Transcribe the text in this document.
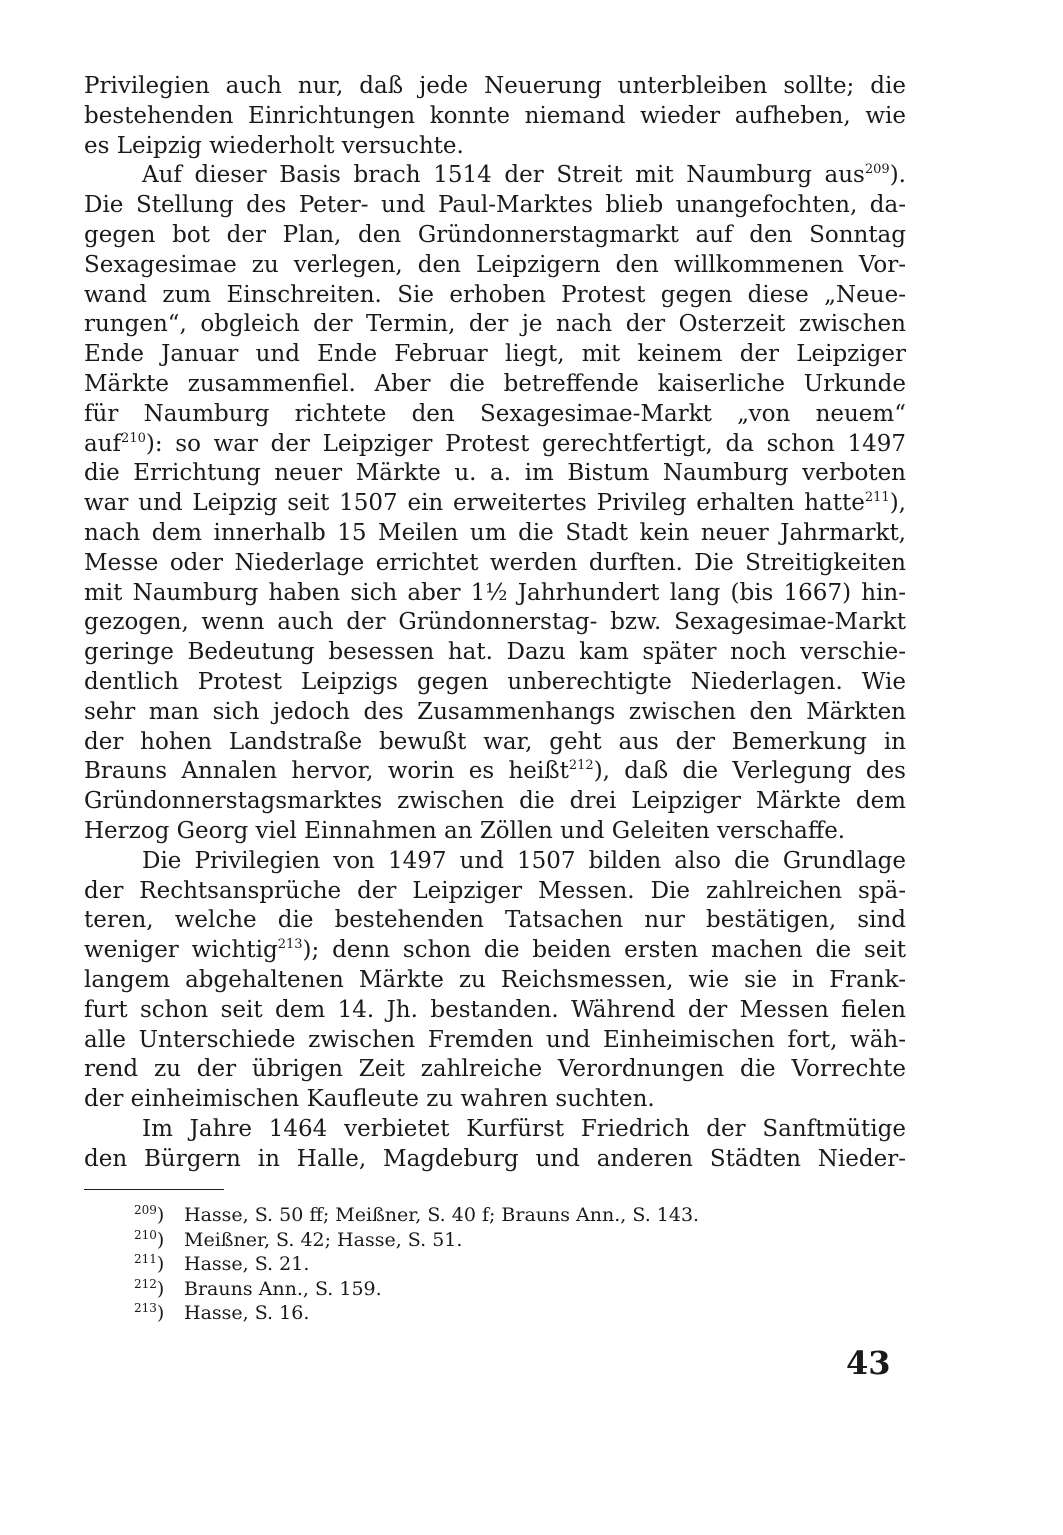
Privilegien auch nur, daß jede Neuerung unterbleiben sollte; die
bestehenden Einrichtungen konnte niemand wieder aufheben, wie
es Leipzig wiederholt versuchte.
Auf dieser Basis brach 1514 der Streit mit Naumburg aus$^{209}$).
Die Stellung des Peter- und Paul-Marktes blieb unangefochten, da-
gegen bot der Plan, den Gründonnerstagmarkt auf den Sonntag
Sexagesimae zu verlegen, den Leipzigern den willkommenen Vor-
wand zum Einschreiten. Sie erhoben Protest gegen diese „Neue-
rungen“, obgleich der Termin, der je nach der Osterzeit zwischen
Ende Januar und Ende Februar liegt, mit keinem der Leipziger
Märkte zusammenfiel. Aber die betreffende kaiserliche Urkunde
für Naumburg richtete den Sexagesimae-Markt „von neuem“
auf$^{210}$): so war der Leipziger Protest gerechtfertigt, da schon 1497
die Errichtung neuer Märkte u. a. im Bistum Naumburg verboten
war und Leipzig seit 1507 ein erweitertes Privileg erhalten hatte$^{211}$),
nach dem innerhalb 15 Meilen um die Stadt kein neuer Jahrmarkt,
Messe oder Niederlage errichtet werden durften. Die Streitigkeiten
mit Naumburg haben sich aber 1½ Jahrhundert lang (bis 1667) hin-
gezogen, wenn auch der Gründonnerstag- bzw. Sexagesimae-Markt
geringe Bedeutung besessen hat. Dazu kam später noch verschie-
dentlich Protest Leipzigs gegen unberechtigte Niederlagen. Wie
sehr man sich jedoch des Zusammenhangs zwischen den Märkten
der hohen Landstraße bewußt war, geht aus der Bemerkung in
Brauns Annalen hervor, worin es heißt$^{212}$), daß die Verlegung des
Gründonnerstagsmarktes zwischen die drei Leipziger Märkte dem
Herzog Georg viel Einnahmen an Zöllen und Geleiten verschaffe.
Die Privilegien von 1497 und 1507 bilden also die Grundlage
der Rechtsansprüche der Leipziger Messen. Die zahlreichen spä-
teren, welche die bestehenden Tatsachen nur bestätigen, sind
weniger wichtig$^{213}$); denn schon die beiden ersten machen die seit
langem abgehaltenen Märkte zu Reichsmessen, wie sie in Frank-
furt schon seit dem 14. Jh. bestanden. Während der Messen fielen
alle Unterschiede zwischen Fremden und Einheimischen fort, wäh-
rend zu der übrigen Zeit zahlreiche Verordnungen die Vorrechte
der einheimischen Kaufleute zu wahren suchten.
Im Jahre 1464 verbietet Kurfürst Friedrich der Sanftmütige
den Bürgern in Halle, Magdeburg und anderen Städten Nieder-
$^{209}$) Hasse, S. 50 ff; Meißner, S. 40 f; Brauns Ann., S. 143.
$^{210}$) Meißner, S. 42; Hasse, S. 51.
$^{211}$) Hasse, S. 21.
$^{212}$) Brauns Ann., S. 159.
$^{213}$) Hasse, S. 16.
43
